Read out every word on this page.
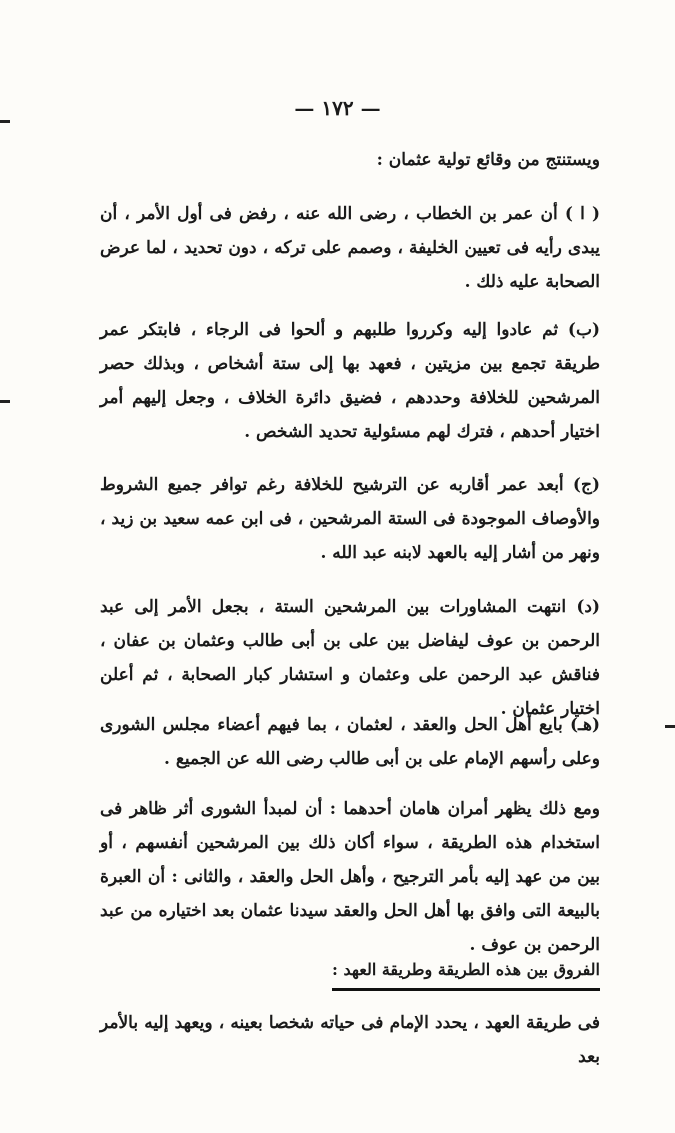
— ١٧٢ —

ويستنتج من وقائع تولية عثمان :

( ا ) أن عمر بن الخطاب ، رضى الله عنه ، رفض فى أول الأمر ، أن يبدى رأيه فى تعيين الخليفة ، وصمم على تركه ، دون تحديد ، لما عرض الصحابة عليه ذلك .

(ب) ثم عادوا إليه وكرروا طلبهم و ألحوا فى الرجاء ، فابتكر عمر طريقة تجمع بين مزيتين ، فعهد بها إلى ستة أشخاص ، وبذلك حصر المرشحين للخلافة وحددهم ، فضيق دائرة الخلاف ، وجعل إليهم أمر اختيار أحدهم ، فترك لهم مسئولية تحديد الشخص .

(ج) أبعد عمر أقاربه عن الترشيح للخلافة رغم توافر جميع الشروط والأوصاف الموجودة فى الستة المرشحين ، فى ابن عمه سعيد بن زيد ، ونهر من أشار إليه بالعهد لابنه عبد الله .

(د) انتهت المشاورات بين المرشحين الستة ، بجعل الأمر إلى عبد الرحمن بن عوف ليفاضل بين على بن أبى طالب وعثمان بن عفان ، فناقش عبد الرحمن على وعثمان و استشار كبار الصحابة ، ثم أعلن اختيار عثمان .

(هـ) بايع أهل الحل والعقد ، لعثمان ، بما فيهم أعضاء مجلس الشورى وعلى رأسهم الإمام على بن أبى طالب رضى الله عن الجميع .

ومع ذلك يظهر أمران هامان أحدهما : أن لمبدأ الشورى أثر ظاهر فى استخدام هذه الطريقة ، سواء أكان ذلك بين المرشحين أنفسهم ، أو بين من عهد إليه بأمر الترجيح ، وأهل الحل والعقد ، والثانى : أن العبرة بالبيعة التى وافق بها أهل الحل والعقد سيدنا عثمان بعد اختياره من عبد الرحمن بن عوف .

الفروق بين هذه الطريقة وطريقة العهد :

فى طريقة العهد ، يحدد الإمام فى حياته شخصا بعينه ، ويعهد إليه بالأمر بعد
